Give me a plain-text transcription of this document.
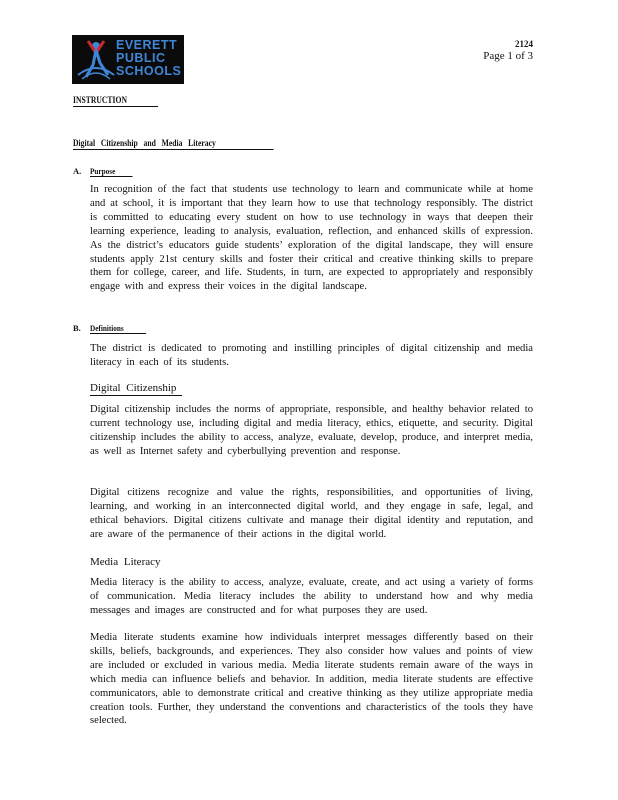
EVERETT
PUBLIC
SCHOOLS
2124
Page 1 of 3
INSTRUCTION
Digital   Citizenship   and   Media   Literacy
A. Purpose
In recognition of the fact that students use technology to learn and communicate while at home and at school, it is important that they learn how to use that technology responsibly. The district is committed to educating every student on how to use technology in ways that deepen their learning experience, leading to analysis, evaluation, reflection, and enhanced skills of expression. As the district’s educators guide students’ exploration of the digital landscape, they will ensure students apply 21st century skills and foster their critical and creative thinking skills to prepare them for college, career, and life. Students, in turn, are expected to appropriately and responsibly engage with and express their voices in the digital landscape.
B. Definitions
The district is dedicated to promoting and instilling principles of digital citizenship and media literacy in each of its students.
Digital Citizenship
Digital citizenship includes the norms of appropriate, responsible, and healthy behavior related to current technology use, including digital and media literacy, ethics, etiquette, and security. Digital citizenship includes the ability to access, analyze, evaluate, develop, produce, and interpret media, as well as Internet safety and cyberbullying prevention and response.
Digital citizens recognize and value the rights, responsibilities, and opportunities of living, learning, and working in an interconnected digital world, and they engage in safe, legal, and ethical behaviors. Digital citizens cultivate and manage their digital identity and reputation, and are aware of the permanence of their actions in the digital world.
Media Literacy
Media literacy is the ability to access, analyze, evaluate, create, and act using a variety of forms of communication. Media literacy includes the ability to understand how and why media messages and images are constructed and for what purposes they are used.
Media literate students examine how individuals interpret messages differently based on their skills, beliefs, backgrounds, and experiences. They also consider how values and points of view are included or excluded in various media. Media literate students remain aware of the ways in which media can influence beliefs and behavior. In addition, media literate students are effective communicators, able to demonstrate critical and creative thinking as they utilize appropriate media creation tools. Further, they understand the conventions and characteristics of the tools they have selected.
